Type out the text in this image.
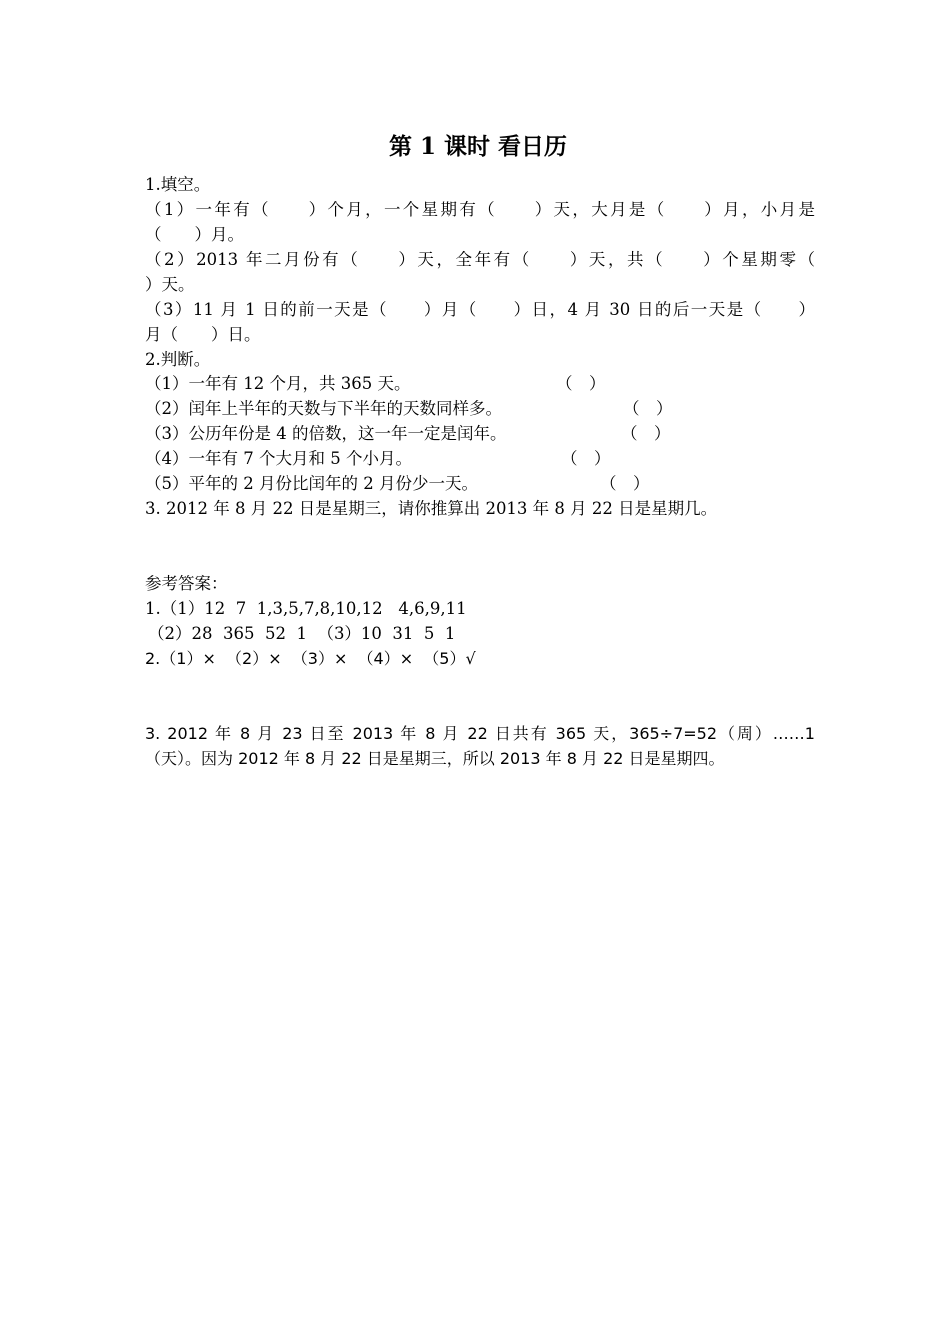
第 1 课时 看日历
1.填空。
（1）一年有（　　）个月，一个星期有（　　）天，大月是（　　）月，小月是
（　　）月。
（2）2013 年二月份有（　　）天，全年有（　　）天，共（　　）个星期零（
）天。
（3）11 月 1 日的前一天是（　　）月（　　）日，4 月 30 日的后一天是（　　）
月（　　）日。
2.判断。
（1）一年有 12 个月，共 365 天。	（　）
（2）闰年上半年的天数与下半年的天数同样多。	（　）
（3）公历年份是 4 的倍数，这一年一定是闰年。	（　）
（4）一年有 7 个大月和 5 个小月。	（　）
（5）平年的 2 月份比闰年的 2 月份少一天。	（　）
3. 2012 年 8 月 22 日是星期三，请你推算出 2013 年 8 月 22 日是星期几。
参考答案：
1.（1）12  7  1,3,5,7,8,10,12   4,6,9,11
（2）28  365  52  1  （3）10  31  5  1
2.（1）×  （2）×  （3）×  （4）×  （5）√
3. 2012 年 8 月 23 日至 2013 年 8 月 22 日共有 365 天，365÷7=52（周）……1
（天）。因为 2012 年 8 月 22 日是星期三，所以 2013 年 8 月 22 日是星期四。
